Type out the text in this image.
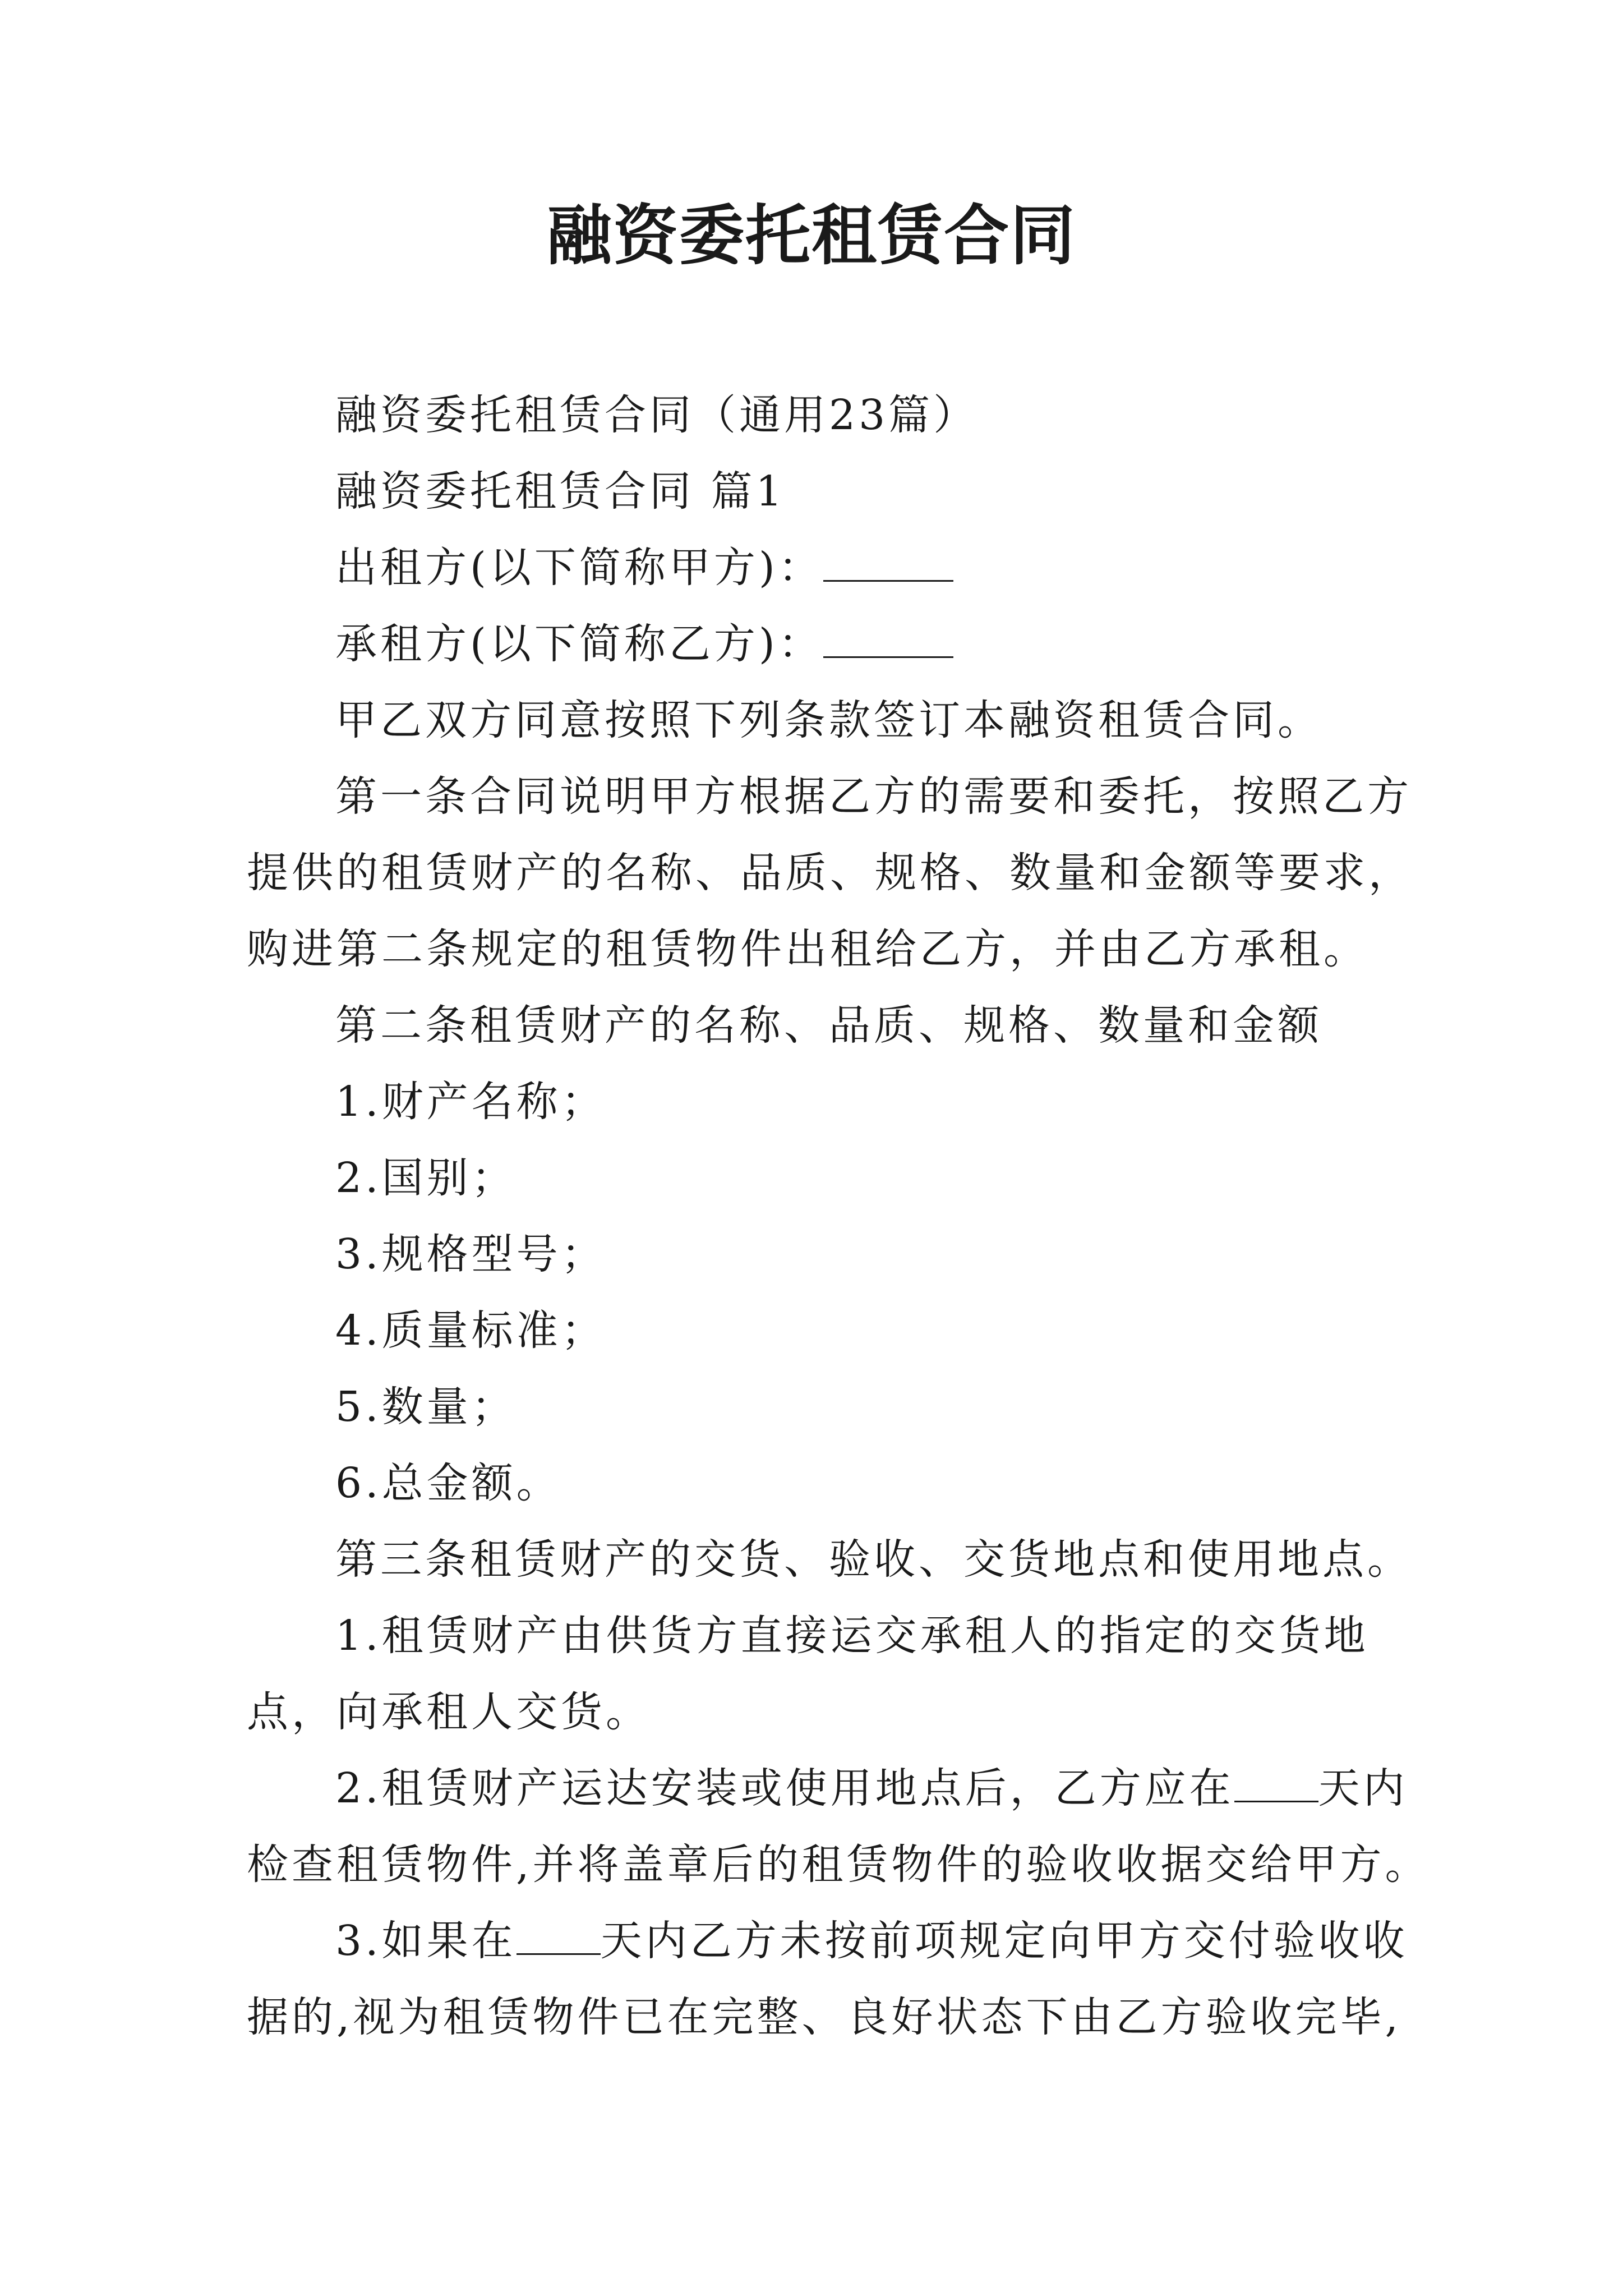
融资委托租赁合同
融资委托租赁合同（通用23篇）
融资委托租赁合同 篇1
出租方(以下简称甲方)：
承租方(以下简称乙方)：
甲乙双方同意按照下列条款签订本融资租赁合同。
第一条合同说明甲方根据乙方的需要和委托，按照乙方
提供的租赁财产的名称、品质、规格、数量和金额等要求，
购进第二条规定的租赁物件出租给乙方，并由乙方承租。
第二条租赁财产的名称、品质、规格、数量和金额
1.财产名称；
2.国别；
3.规格型号；
4.质量标准；
5.数量；
6.总金额。
第三条租赁财产的交货、验收、交货地点和使用地点。
1.租赁财产由供货方直接运交承租人的指定的交货地
点，向承租人交货。
2.租赁财产运达安装或使用地点后，乙方应在 天内
检查租赁物件,并将盖章后的租赁物件的验收收据交给甲方。
3.如果在 天内乙方未按前项规定向甲方交付验收收
据的,视为租赁物件已在完整、良好状态下由乙方验收完毕,
